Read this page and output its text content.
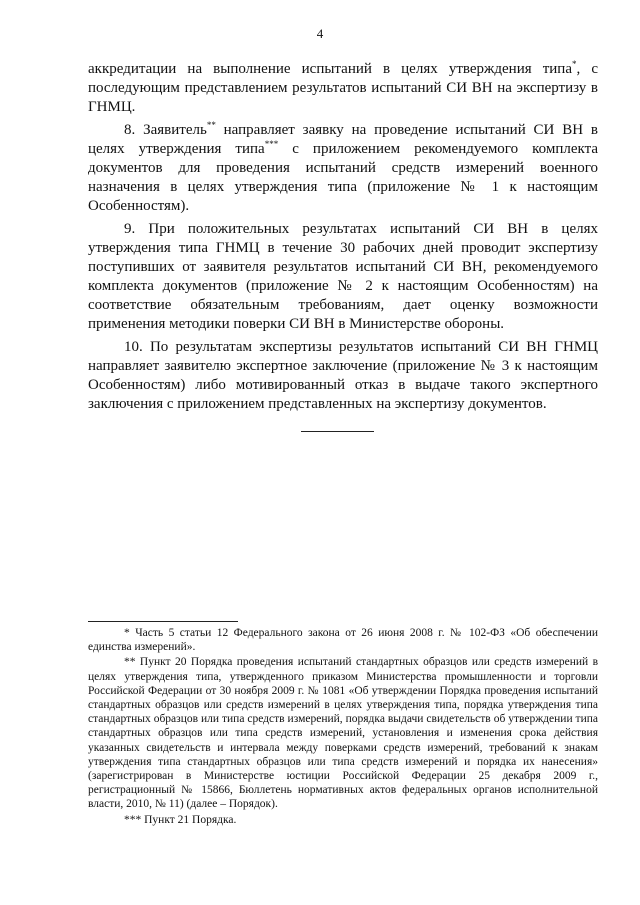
4

аккредитации на выполнение испытаний в целях утверждения типа*, с последующим представлением результатов испытаний СИ ВН на экспертизу в ГНМЦ.

8. Заявитель** направляет заявку на проведение испытаний СИ ВН в целях утверждения типа*** с приложением рекомендуемого комплекта документов для проведения испытаний средств измерений военного назначения в целях утверждения типа (приложение № 1 к настоящим Особенностям).

9. При положительных результатах испытаний СИ ВН в целях утверждения типа ГНМЦ в течение 30 рабочих дней проводит экспертизу поступивших от заявителя результатов испытаний СИ ВН, рекомендуемого комплекта документов (приложение № 2 к настоящим Особенностям) на соответствие обязательным требованиям, дает оценку возможности применения методики поверки СИ ВН в Министерстве обороны.

10. По результатам экспертизы результатов испытаний СИ ВН ГНМЦ направляет заявителю экспертное заключение (приложение № 3 к настоящим Особенностям) либо мотивированный отказ в выдаче такого экспертного заключения с приложением представленных на экспертизу документов.

* Часть 5 статьи 12 Федерального закона от 26 июня 2008 г. № 102-ФЗ «Об обеспечении единства измерений».

** Пункт 20 Порядка проведения испытаний стандартных образцов или средств измерений в целях утверждения типа, утвержденного приказом Министерства промышленности и торговли Российской Федерации от 30 ноября 2009 г. № 1081 «Об утверждении Порядка проведения испытаний стандартных образцов или средств измерений в целях утверждения типа, порядка утверждения типа стандартных образцов или типа средств измерений, порядка выдачи свидетельств об утверждении типа стандартных образцов или типа средств измерений, установления и изменения срока действия указанных свидетельств и интервала между поверками средств измерений, требований к знакам утверждения типа стандартных образцов или типа средств измерений и порядка их нанесения» (зарегистрирован в Министерстве юстиции Российской Федерации 25 декабря 2009 г., регистрационный № 15866, Бюллетень нормативных актов федеральных органов исполнительной власти, 2010, № 11) (далее – Порядок).

*** Пункт 21 Порядка.
